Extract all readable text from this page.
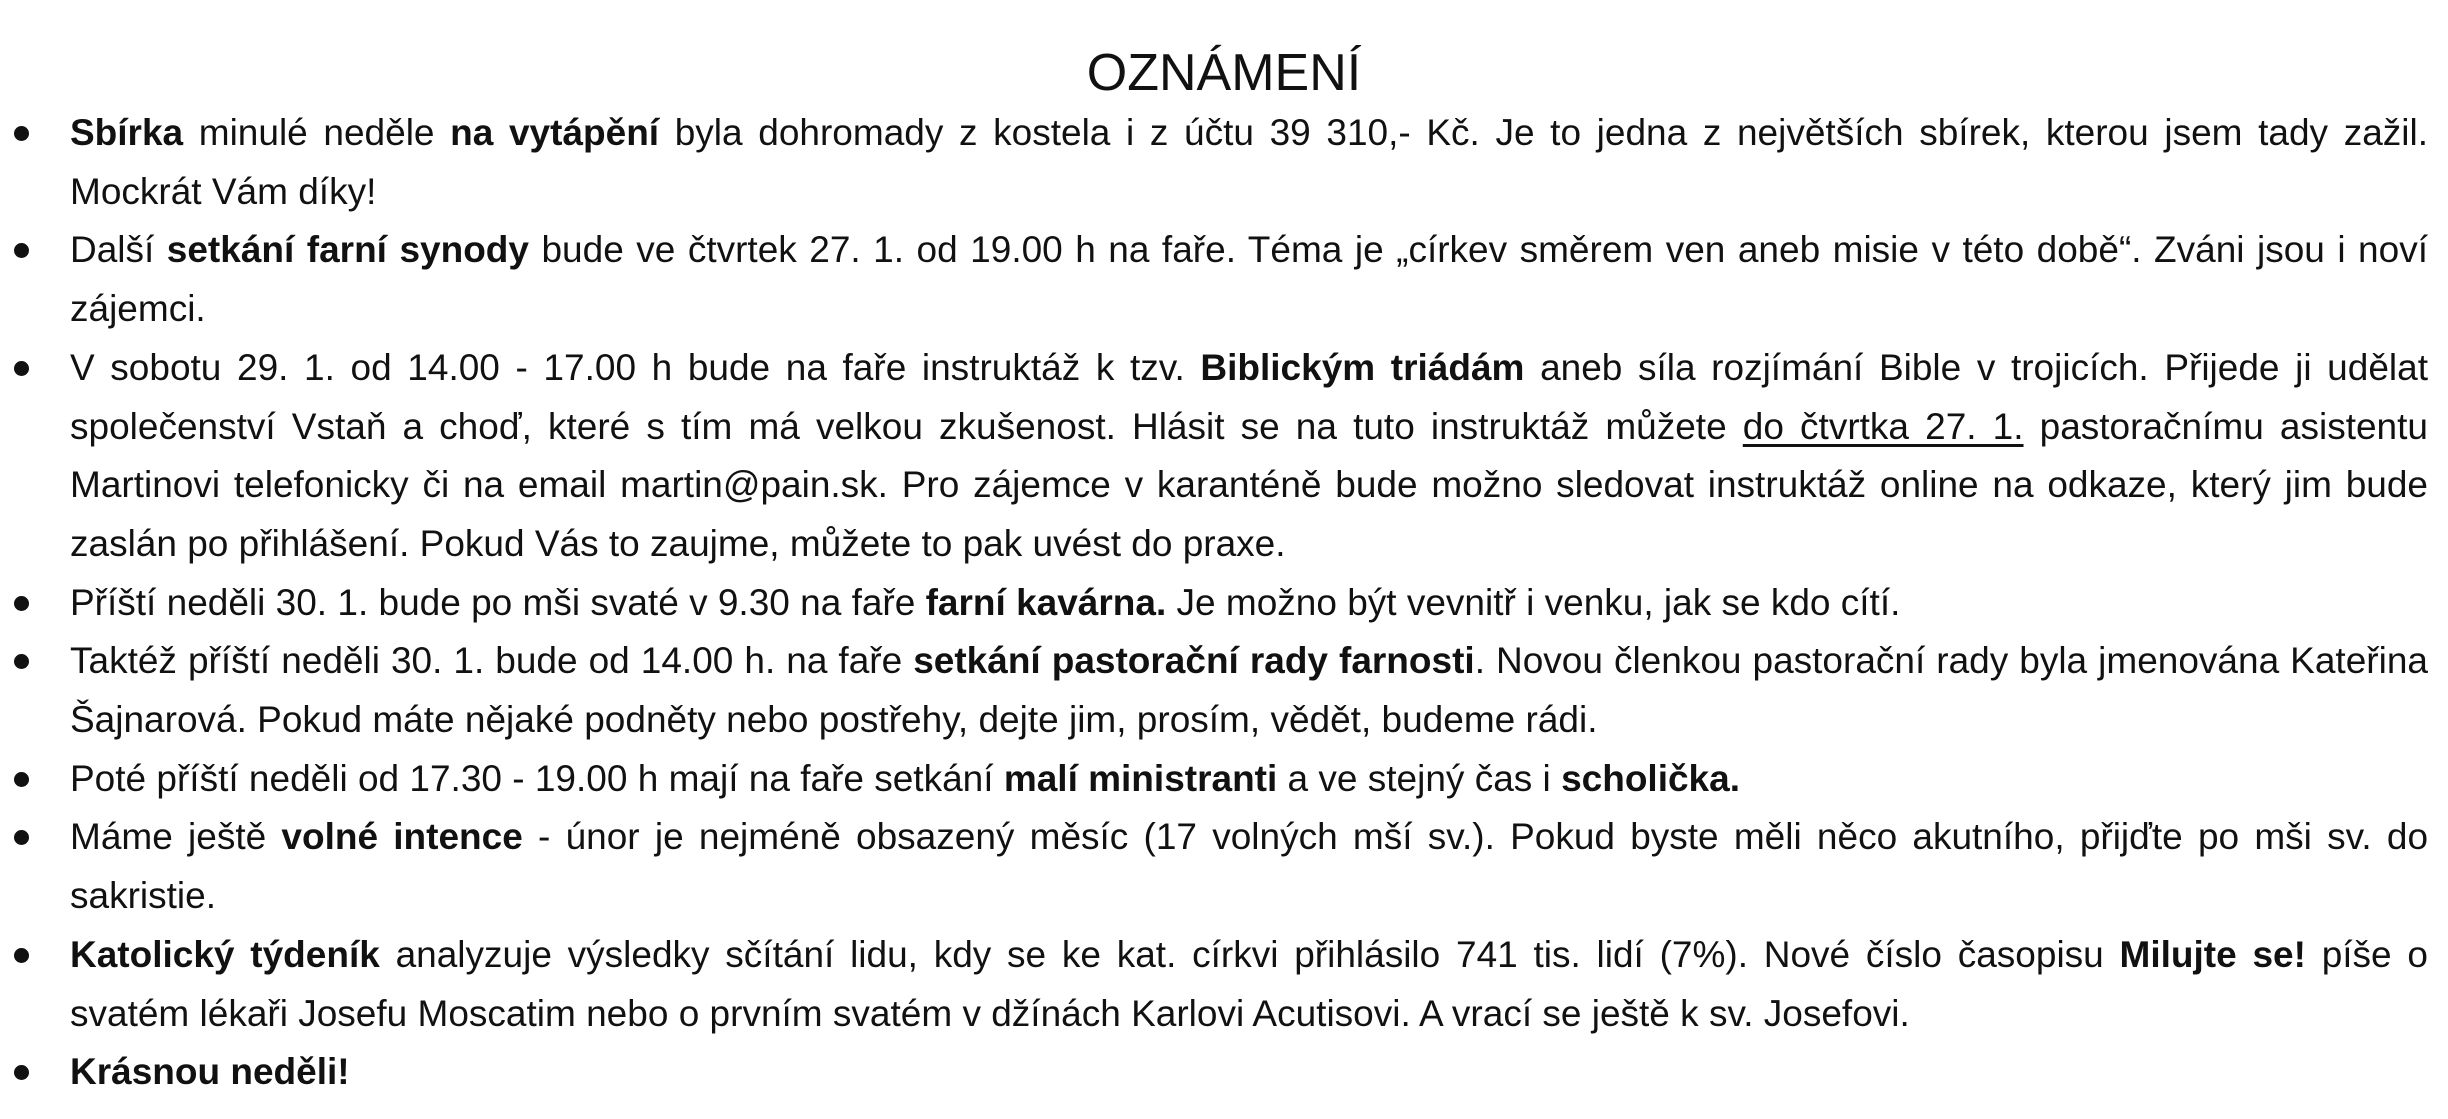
OZNÁMENÍ
Sbírka minulé neděle na vytápění byla dohromady z kostela i z účtu 39 310,- Kč. Je to jedna z největších sbírek, kterou jsem tady zažil. Mockrát Vám díky!
Další setkání farní synody bude ve čtvrtek 27. 1. od 19.00 h na faře. Téma je „církev směrem ven aneb misie v této době“. Zváni jsou i noví zájemci.
V sobotu 29. 1. od 14.00 - 17.00 h bude na faře instruktáž k tzv. Biblickým triádám aneb síla rozjímání Bible v trojicích. Přijede ji udělat společenství Vstaň a choď, které s tím má velkou zkušenost. Hlásit se na tuto instruktáž můžete do čtvrtka 27. 1. pastoračnímu asistentu Martinovi telefonicky či na email martin@pain.sk. Pro zájemce v karanténě bude možno sledovat instruktáž online na odkaze, který jim bude zaslán po přihlášení. Pokud Vás to zaujme, můžete to pak uvést do praxe.
Příští neděli 30. 1. bude po mši svaté v 9.30 na faře farní kavárna. Je možno být vevnitř i venku, jak se kdo cítí.
Taktéž příští neděli 30. 1. bude od 14.00 h. na faře setkání pastorační rady farnosti. Novou členkou pastorační rady byla jmenována Kateřina Šajnarová. Pokud máte nějaké podněty nebo postřehy, dejte jim, prosím, vědět, budeme rádi.
Poté příští neděli od 17.30 - 19.00 h mají na faře setkání malí ministranti a ve stejný čas i scholička.
Máme ještě volné intence - únor je nejméně obsazený měsíc (17 volných mší sv.). Pokud byste měli něco akutního, přijďte po mši sv. do sakristie.
Katolický týdeník analyzuje výsledky sčítání lidu, kdy se ke kat. církvi přihlásilo 741 tis. lidí (7%). Nové číslo časopisu Milujte se! píše o svatém lékaři Josefu Moscatim nebo o prvním svatém v džínách Karlovi Acutisovi. A vrací se ještě k sv. Josefovi.
Krásnou neděli!
